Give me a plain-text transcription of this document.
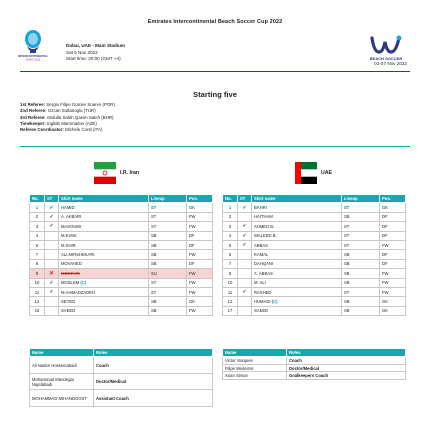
Emirates Intercontinental Beach Soccer Cup 2022
INTERCONTINENTAL
DUBAI 2022
Dubai, UAE - Main Stadium
Sat 5 Nov 2022
Start time: 20:00 (GMT +4)	BEACH SOCCER
01-07 Nov 2022
Starting five
1st Referee: Sergio Filipe Gomes Soares (POR)
2nd Referee: Ozcan Sultanoglu (TUR)
3rd Referee: Abdulla Saleh Qasim Saleh (BHR)
Timekeeper: Ingilab Mammadov (AZE)
Referee Coordinator: Michele Conti (ITA)
I.R. Iran	UAE
No.	ST	Shirt name	Lineup	Pos.
1	✓	HAMID	ST	GK
2	✓	A. AKBARI	ST	FW
3	✓	MASOUMI	ST	FW
4		M.KIANI	SB	DF
5		M.SHIR	SB	DF
7		ALI.MIRSHEKARI	SB	FW
8		MOVAHED	SB	DF
9	✕	MOKTARI	SU	FW
10	✓	MOSLEM (C)	ST	FW
11	✓	M.AHMADZADEH	ST	FW
12		SEYED	SB	GK
15		SAEED	SB	FW
No.	ST	Shirt name	Lineup	Pos.
1	✓	BAHRI	ST	GK
2		HAITHAM	SB	DF
3	✓	AHMED B.	ST	DF
4	✓	WALEED B.	ST	DF
5	✓	ABBAS	ST	FW
6		KAMAL	SB	DF
7		DAHQANI	SB	DF
8		A. ABBAS	SB	FW
10		M. ALI	SB	FW
11	✓	RASHED	ST	FW
12		HUMAID (C)	SB	GK
17		SAEED	SB	GK
Name	Roles
Ali Naderi Hosseinabadi	Coach
Mohammad Mandegar Najafabadi	Doctor/Medical
MOHAMMAD MIHANDOOST	Assistant Coach
Name	Roles
Victor Vasques	Coach
Filipe Medeiros	Doctor/Medical
Xoan Simon	Goalkeepers Coach
